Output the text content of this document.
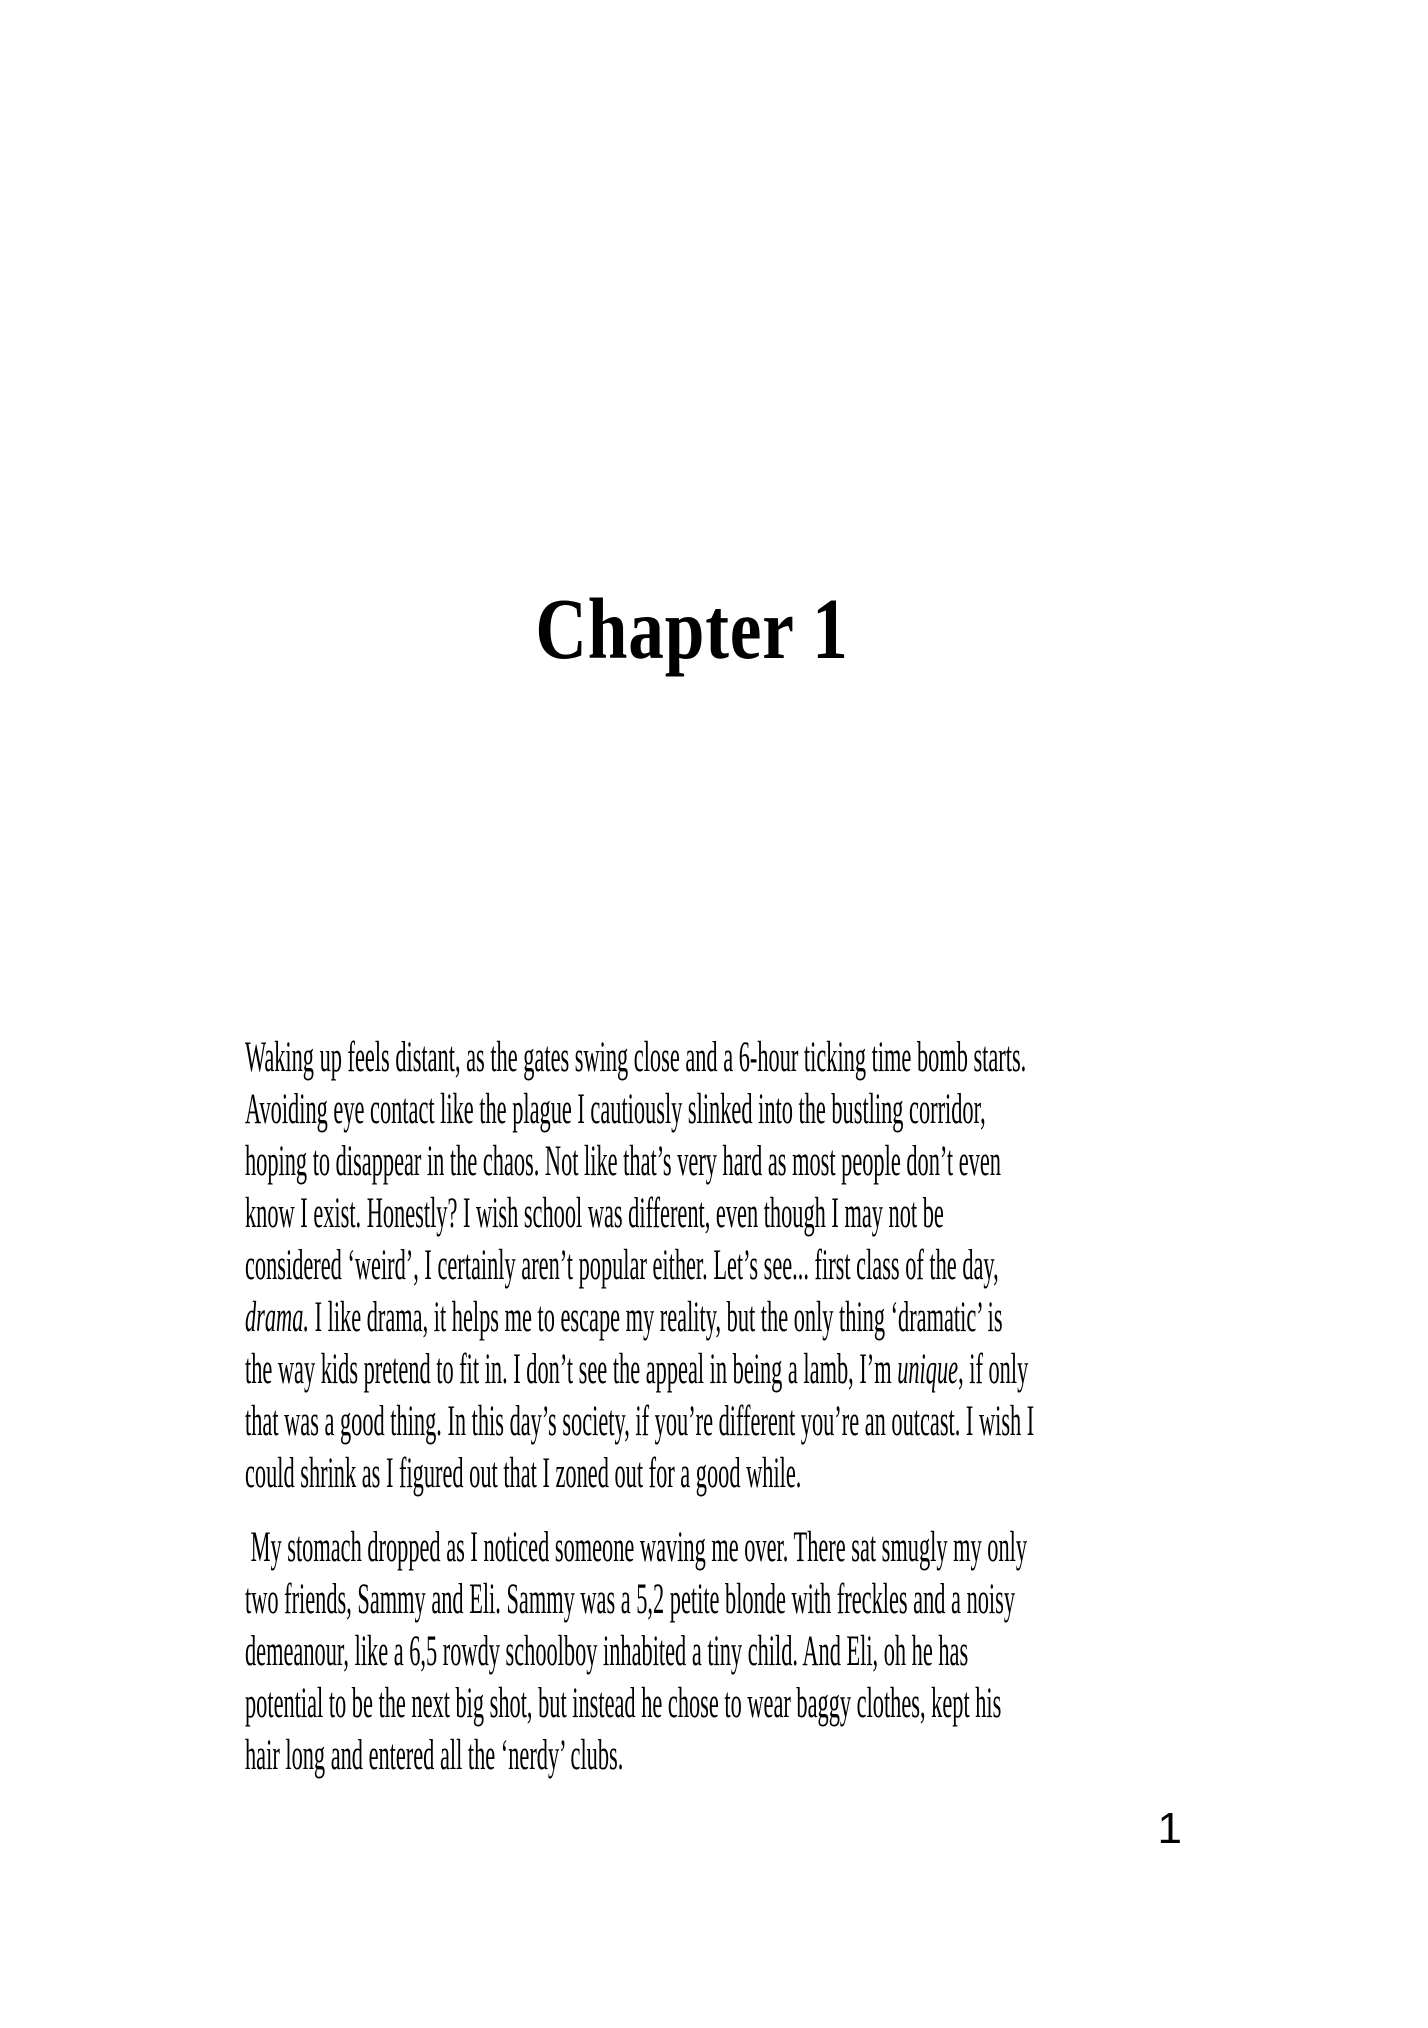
Chapter 1

Waking up feels distant, as the gates swing close and a 6-hour ticking time bomb starts.
Avoiding eye contact like the plague I cautiously slinked into the bustling corridor,
hoping to disappear in the chaos. Not like that’s very hard as most people don’t even
know I exist. Honestly? I wish school was different, even though I may not be
considered ‘weird’, I certainly aren’t popular either. Let’s see... first class of the day,
drama. I like drama, it helps me to escape my reality, but the only thing ‘dramatic’ is
the way kids pretend to fit in. I don’t see the appeal in being a lamb, I’m unique, if only
that was a good thing. In this day’s society, if you’re different you’re an outcast. I wish I
could shrink as I figured out that I zoned out for a good while.

My stomach dropped as I noticed someone waving me over. There sat smugly my only
two friends, Sammy and Eli. Sammy was a 5,2 petite blonde with freckles and a noisy
demeanour, like a 6,5 rowdy schoolboy inhabited a tiny child. And Eli, oh he has
potential to be the next big shot, but instead he chose to wear baggy clothes, kept his
hair long and entered all the ‘nerdy’ clubs.

1
